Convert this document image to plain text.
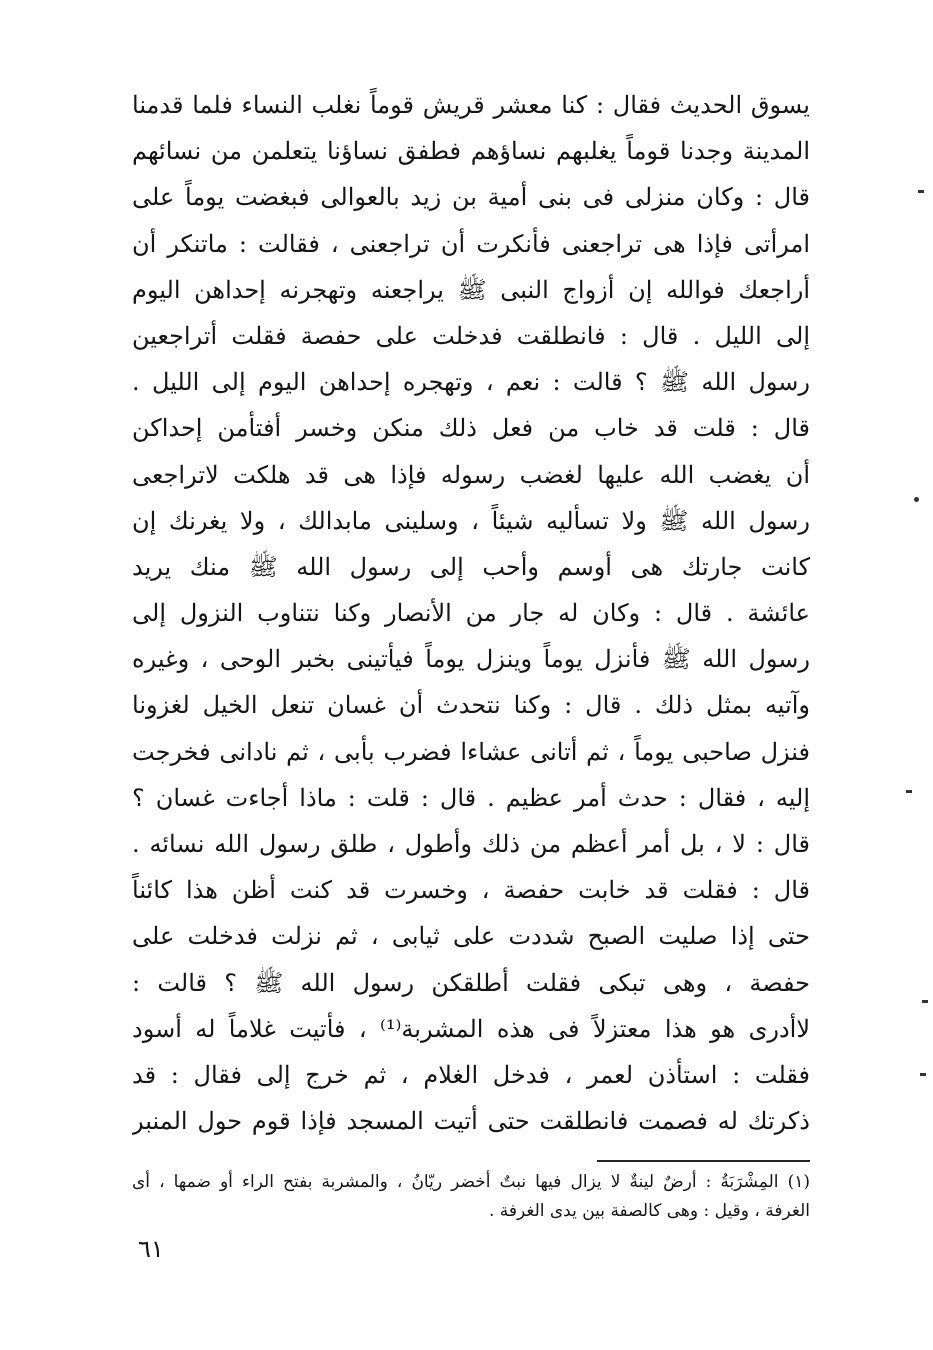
يسوق الحديث فقال : كنا معشر قريش قوماً نغلب النساء فلما قدمنا
المدينة وجدنا قوماً يغلبهم نساؤهم فطفق نساؤنا يتعلمن من نسائهم
قال : وكان منزلى فى بنى أمية بن زيد بالعوالى فبغضت يوماً على
امرأتى فإذا هى تراجعنى فأنكرت أن تراجعنى ، فقالت : ماتنكر أن
أراجعك فوالله إن أزواج النبى ﷺ يراجعنه وتهجرنه إحداهن اليوم
إلى الليل . قال : فانطلقت فدخلت على حفصة فقلت أتراجعين
رسول الله ﷺ ؟ قالت : نعم ، وتهجره إحداهن اليوم إلى الليل .
قال : قلت قد خاب من فعل ذلك منكن وخسر أفتأمن إحداكن
أن يغضب الله عليها لغضب رسوله فإذا هى قد هلكت لاتراجعى
رسول الله ﷺ ولا تسأليه شيئاً ، وسلينى مابدالك ، ولا يغرنك إن
كانت جارتك هى أوسم وأحب إلى رسول الله ﷺ منك يريد
عائشة . قال : وكان له جار من الأنصار وكنا نتناوب النزول إلى
رسول الله ﷺ فأنزل يوماً وينزل يوماً فيأتينى بخبر الوحى ، وغيره
وآتيه بمثل ذلك . قال : وكنا نتحدث أن غسان تنعل الخيل لغزونا
فنزل صاحبى يوماً ، ثم أتانى عشاءا فضرب بأبى ، ثم نادانى فخرجت
إليه ، فقال : حدث أمر عظيم . قال : قلت : ماذا أجاءت غسان ؟
قال : لا ، بل أمر أعظم من ذلك وأطول ، طلق رسول الله نسائه .
قال : فقلت قد خابت حفصة ، وخسرت قد كنت أظن هذا كائناً
حتى إذا صليت الصبح شددت على ثيابى ، ثم نزلت فدخلت على
حفصة ، وهى تبكى فقلت أطلقكن رسول الله ﷺ ؟ قالت :
لاأدرى هو هذا معتزلاً فى هذه المشربة⁽¹⁾ ، فأتيت غلاماً له أسود
فقلت : استأذن لعمر ، فدخل الغلام ، ثم خرج إلى فقال : قد
ذكرتك له فصمت فانطلقت حتى أتيت المسجد فإذا قوم حول المنبر
(١) المِشْرَبَةُ : أرضٌ لينةٌ لا يزال فيها نبتٌ أخضر ريّانُ ، والمشربة بفتح الراء أو ضمها ، أى
الغرفة ، وقيل : وهى كالصفة بين يدى الغرفة .
٦١
